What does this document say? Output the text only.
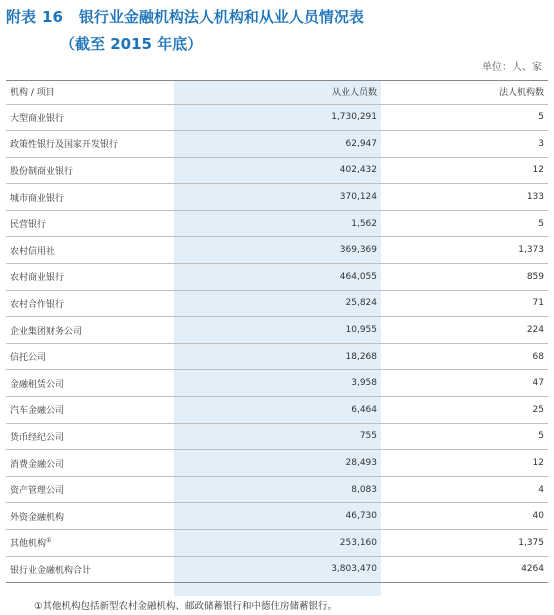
附表 16 银行业金融机构法人机构和从业人员情况表
（截至 2015 年底）
单位：人、家
机构 / 项目	从业人员数	法人机构数
大型商业银行	1,730,291	5
政策性银行及国家开发银行	62,947	3
股份制商业银行	402,432	12
城市商业银行	370,124	133
民营银行	1,562	5
农村信用社	369,369	1,373
农村商业银行	464,055	859
农村合作银行	25,824	71
企业集团财务公司	10,955	224
信托公司	18,268	68
金融租赁公司	3,958	47
汽车金融公司	6,464	25
货币经纪公司	755	5
消费金融公司	28,493	12
资产管理公司	8,083	4
外资金融机构	46,730	40
其他机构①	253,160	1,375
银行业金融机构合计	3,803,470	4264
①其他机构包括新型农村金融机构、邮政储蓄银行和中德住房储蓄银行。
